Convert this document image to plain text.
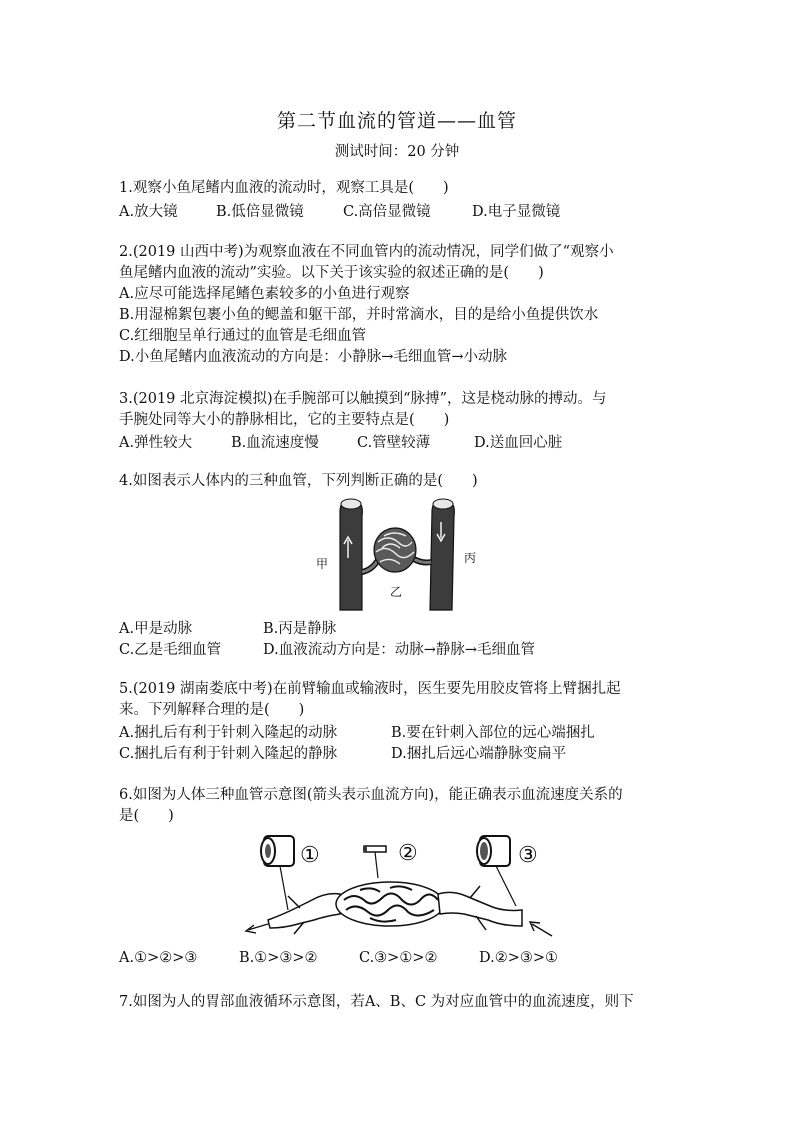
第二节血流的管道——血管
测试时间：20 分钟
1.观察小鱼尾鳍内血液的流动时，观察工具是(　　)
A.放大镜	B.低倍显微镜	C.高倍显微镜	D.电子显微镜
2.(2019 山西中考)为观察血液在不同血管内的流动情况，同学们做了“观察小
鱼尾鳍内血液的流动”实验。以下关于该实验的叙述正确的是(　　)
A.应尽可能选择尾鳍色素较多的小鱼进行观察
B.用湿棉絮包裹小鱼的鳃盖和躯干部，并时常滴水，目的是给小鱼提供饮水
C.红细胞呈单行通过的血管是毛细血管
D.小鱼尾鳍内血液流动的方向是：小静脉→毛细血管→小动脉
3.(2019 北京海淀模拟)在手腕部可以触摸到“脉搏”，这是桡动脉的搏动。与
手腕处同等大小的静脉相比，它的主要特点是(　　)
A.弹性较大	B.血流速度慢	C.管壁较薄	D.送血回心脏
4.如图表示人体内的三种血管，下列判断正确的是(　　)
甲	丙
乙
A.甲是动脉	B.丙是静脉
C.乙是毛细血管	D.血液流动方向是：动脉→静脉→毛细血管
5.(2019 湖南娄底中考)在前臂输血或输液时，医生要先用胶皮管将上臂捆扎起
来。下列解释合理的是(　　)
A.捆扎后有利于针刺入隆起的动脉	B.要在针刺入部位的远心端捆扎
C.捆扎后有利于针刺入隆起的静脉	D.捆扎后远心端静脉变扁平
6.如图为人体三种血管示意图(箭头表示血流方向)，能正确表示血流速度关系的
是(　　)
①	②	③
A.①>②>③	B.①>③>②	C.③>①>②	D.②>③>①
7.如图为人的胃部血液循环示意图，若A、B、C 为对应血管中的血流速度，则下
